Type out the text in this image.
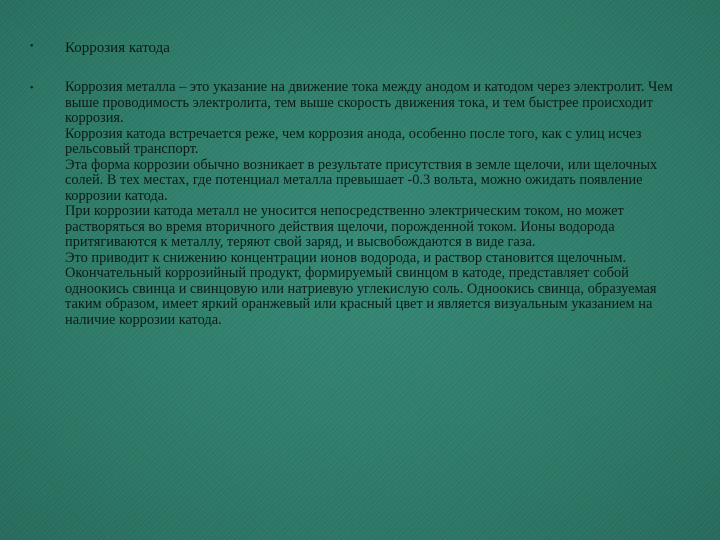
• Коррозия катода
• Коррозия металла – это указание на движение тока между анодом и катодом через электролит. Чем выше проводимость электролита, тем выше скорость движения тока, и тем быстрее происходит коррозия.
Коррозия катода встречается реже, чем коррозия анода, особенно после того, как с улиц исчез рельсовый транспорт.
Эта форма коррозии обычно возникает в результате присутствия в земле щелочи, или щелочных солей. В тех местах, где потенциал металла превышает -0.3 вольта, можно ожидать появление коррозии катода.
При коррозии катода металл не уносится непосредственно электрическим током, но может растворяться во время вторичного действия щелочи, порожденной током. Ионы водорода притягиваются к металлу, теряют свой заряд, и высвобождаются в виде газа.
Это приводит к снижению концентрации ионов водорода, и раствор становится щелочным. Окончательный коррозийный продукт, формируемый свинцом в катоде, представляет собой одноокись свинца и свинцовую или натриевую углекислую соль. Одноокись свинца, образуемая таким образом, имеет яркий оранжевый или красный цвет и является визуальным указанием на наличие коррозии катода.
